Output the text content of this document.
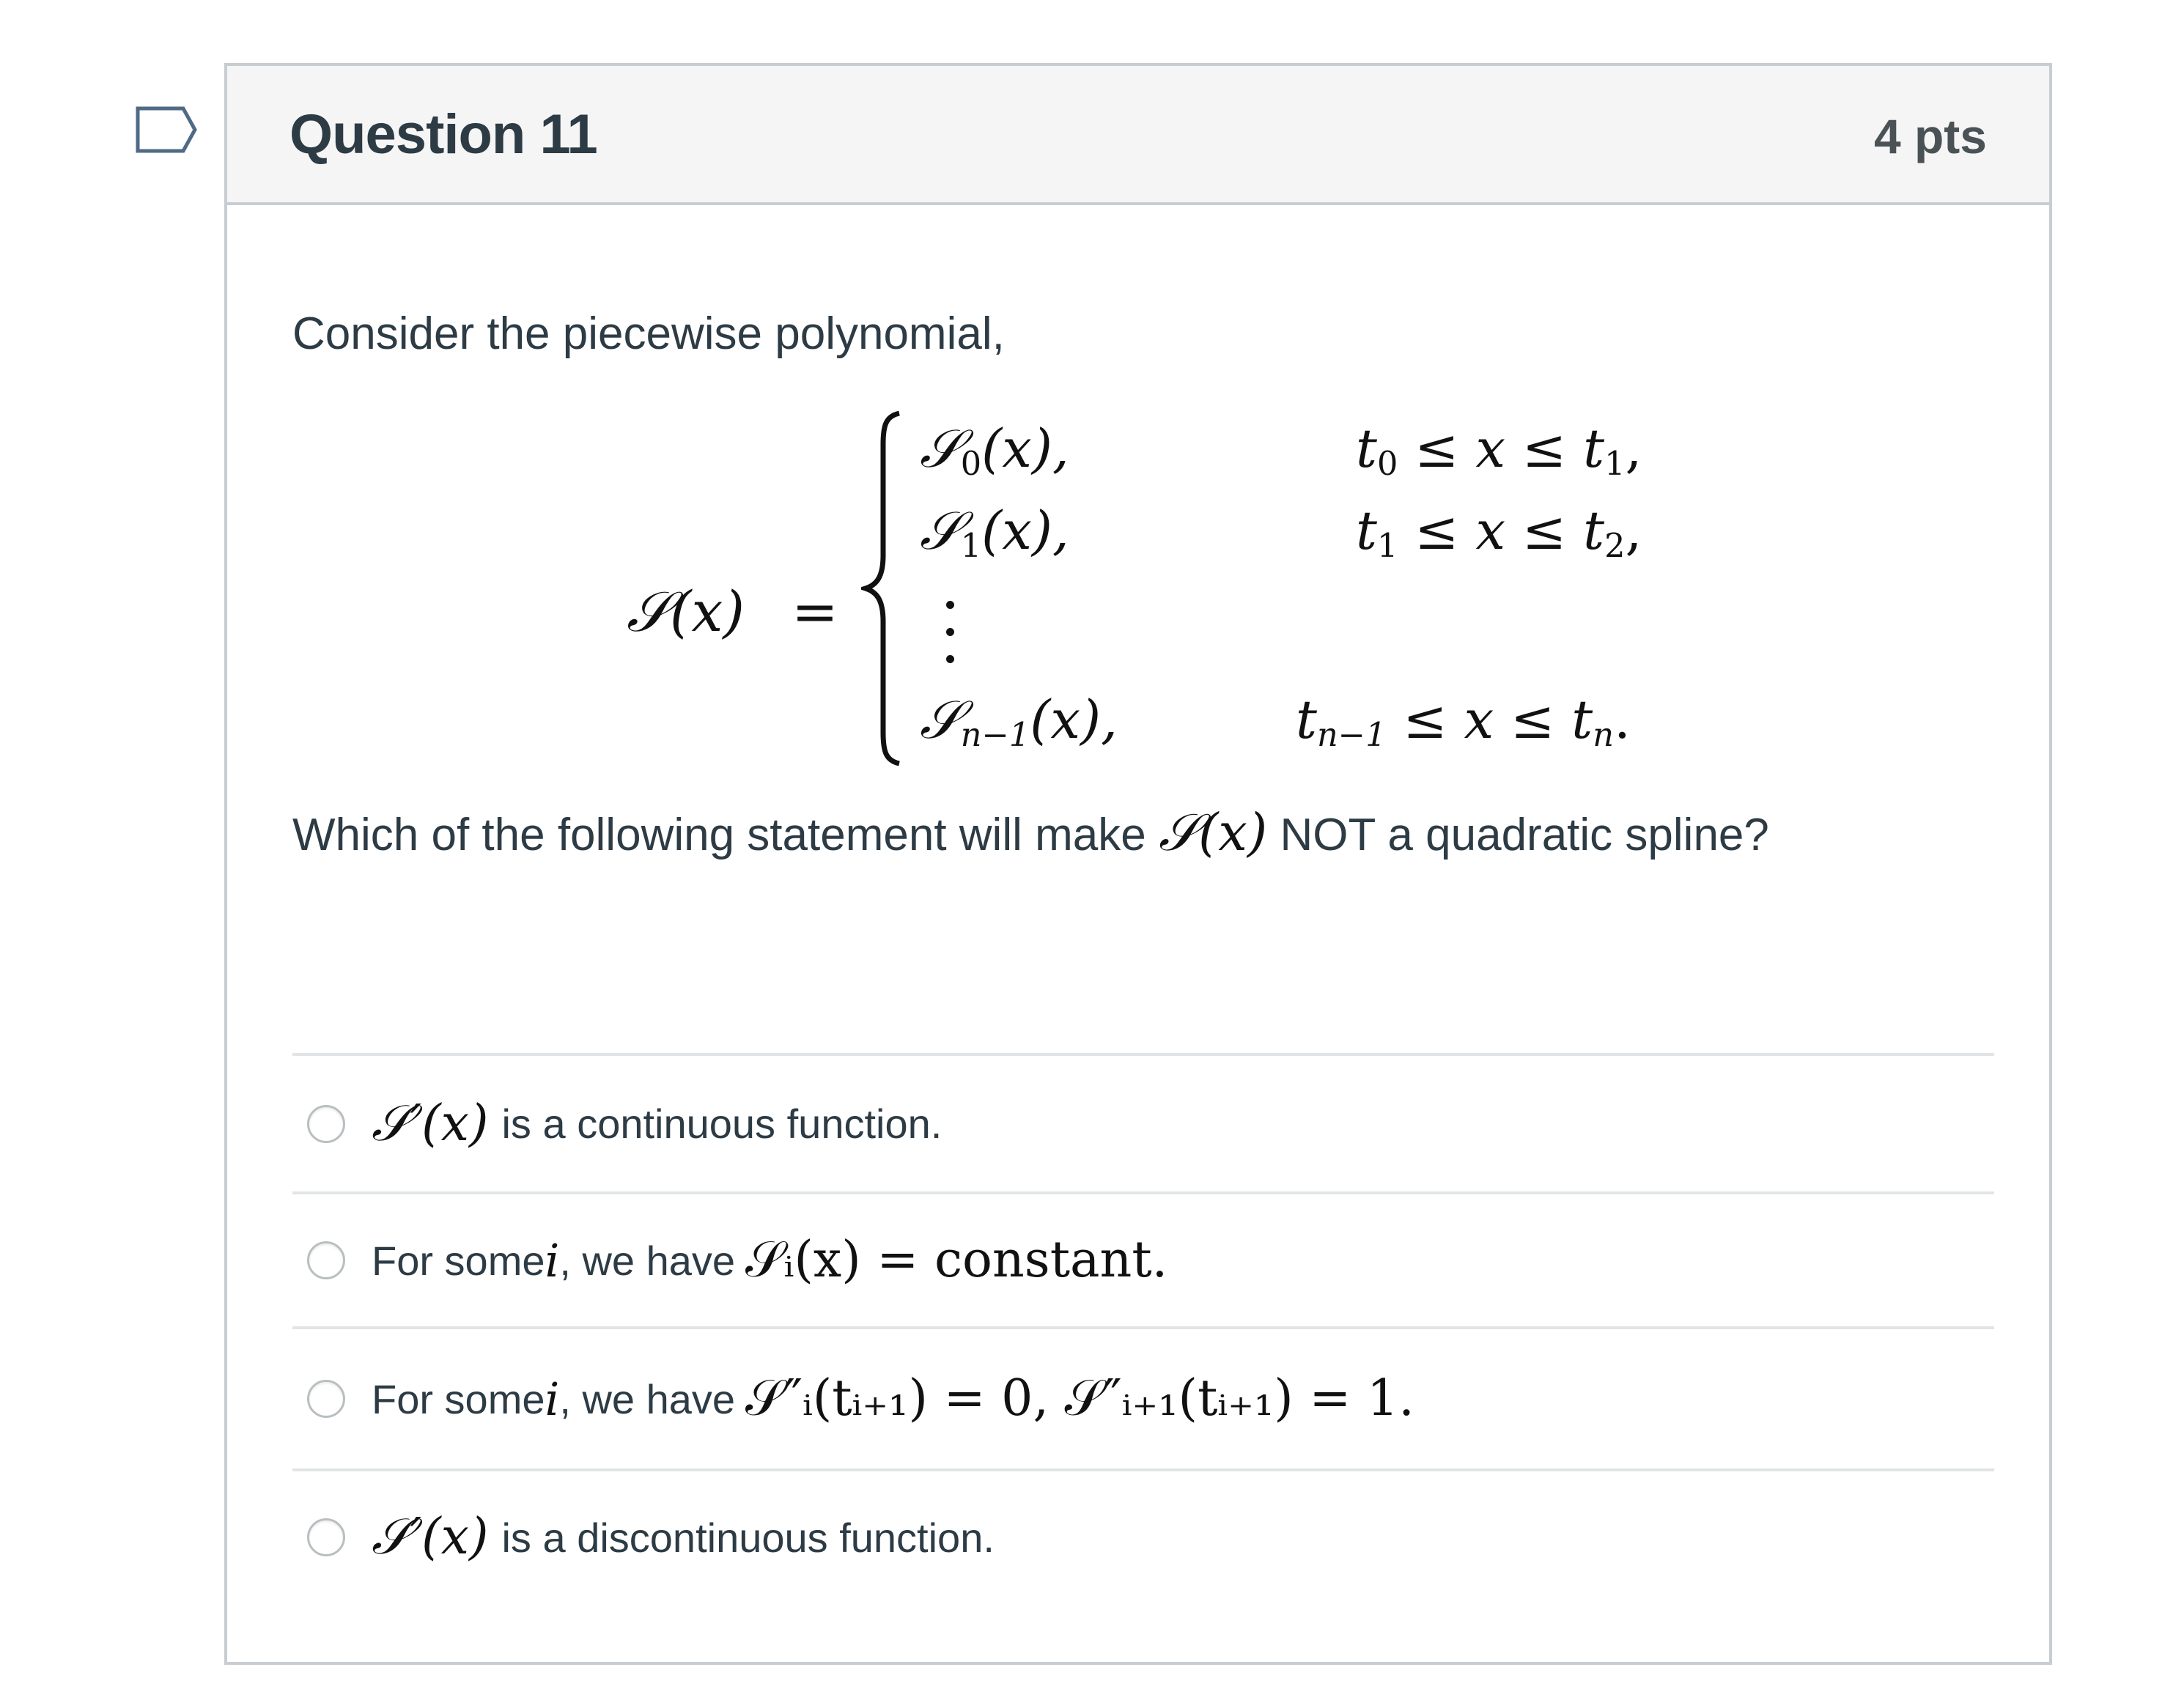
Question 11	4 pts
Consider the piecewise polynomial,
𝒮(x) =
𝒮$_0$(x),	$t_0 \le x \le t_1$,
𝒮$_1$(x),	$t_1 \le x \le t_2$,
𝒮$_{n-1}$(x),	$t_{n-1} \le x \le t_n$.
Which of the following statement will make 𝒮(x) NOT a quadratic spline?
𝒮′(x) is a continuous function.
For some i , we have 𝒮ᵢ(x) = constant.
For some i , we have 𝒮″ᵢ(tᵢ₊₁) = 0, 𝒮″ᵢ₊₁(tᵢ₊₁) = 1.
𝒮′(x) is a discontinuous function.
